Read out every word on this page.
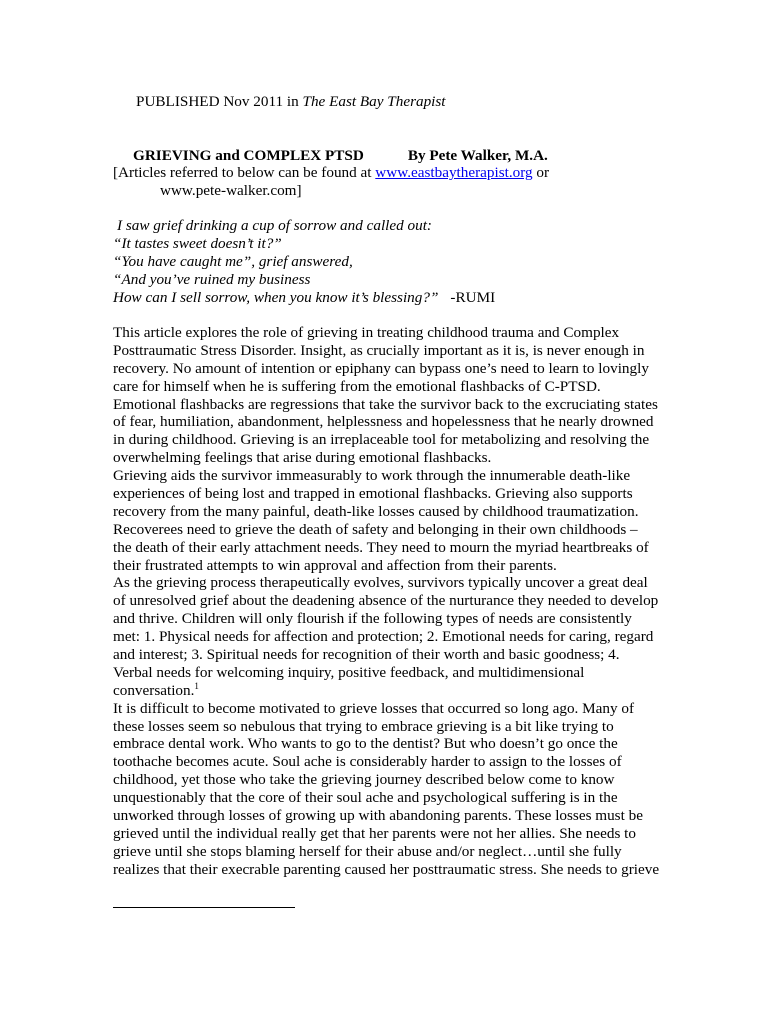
PUBLISHED Nov 2011 in The East Bay Therapist
GRIEVING and COMPLEX PTSD	By Pete Walker, M.A.
[Articles referred to below can be found at www.eastbaytherapist.org or
www.pete-walker.com]
I saw grief drinking a cup of sorrow and called out:
“It tastes sweet doesn’t it?”
“You have caught me”, grief answered,
“And you’ve ruined my business
How can I sell sorrow, when you know it’s blessing?” -RUMI
This article explores the role of grieving in treating childhood trauma and Complex
Posttraumatic Stress Disorder. Insight, as crucially important as it is, is never enough in
recovery. No amount of intention or epiphany can bypass one’s need to learn to lovingly
care for himself when he is suffering from the emotional flashbacks of C-PTSD.
Emotional flashbacks are regressions that take the survivor back to the excruciating states
of fear, humiliation, abandonment, helplessness and hopelessness that he nearly drowned
in during childhood. Grieving is an irreplaceable tool for metabolizing and resolving the
overwhelming feelings that arise during emotional flashbacks.
Grieving aids the survivor immeasurably to work through the innumerable death-like
experiences of being lost and trapped in emotional flashbacks. Grieving also supports
recovery from the many painful, death-like losses caused by childhood traumatization.
Recoverees need to grieve the death of safety and belonging in their own childhoods –
the death of their early attachment needs. They need to mourn the myriad heartbreaks of
their frustrated attempts to win approval and affection from their parents.
As the grieving process therapeutically evolves, survivors typically uncover a great deal
of unresolved grief about the deadening absence of the nurturance they needed to develop
and thrive. Children will only flourish if the following types of needs are consistently
met: 1. Physical needs for affection and protection; 2. Emotional needs for caring, regard
and interest; 3. Spiritual needs for recognition of their worth and basic goodness; 4.
Verbal needs for welcoming inquiry, positive feedback, and multidimensional
conversation.$^1$
It is difficult to become motivated to grieve losses that occurred so long ago. Many of
these losses seem so nebulous that trying to embrace grieving is a bit like trying to
embrace dental work. Who wants to go to the dentist? But who doesn’t go once the
toothache becomes acute. Soul ache is considerably harder to assign to the losses of
childhood, yet those who take the grieving journey described below come to know
unquestionably that the core of their soul ache and psychological suffering is in the
unworked through losses of growing up with abandoning parents. These losses must be
grieved until the individual really get that her parents were not her allies. She needs to
grieve until she stops blaming herself for their abuse and/or neglect…until she fully
realizes that their execrable parenting caused her posttraumatic stress. She needs to grieve
